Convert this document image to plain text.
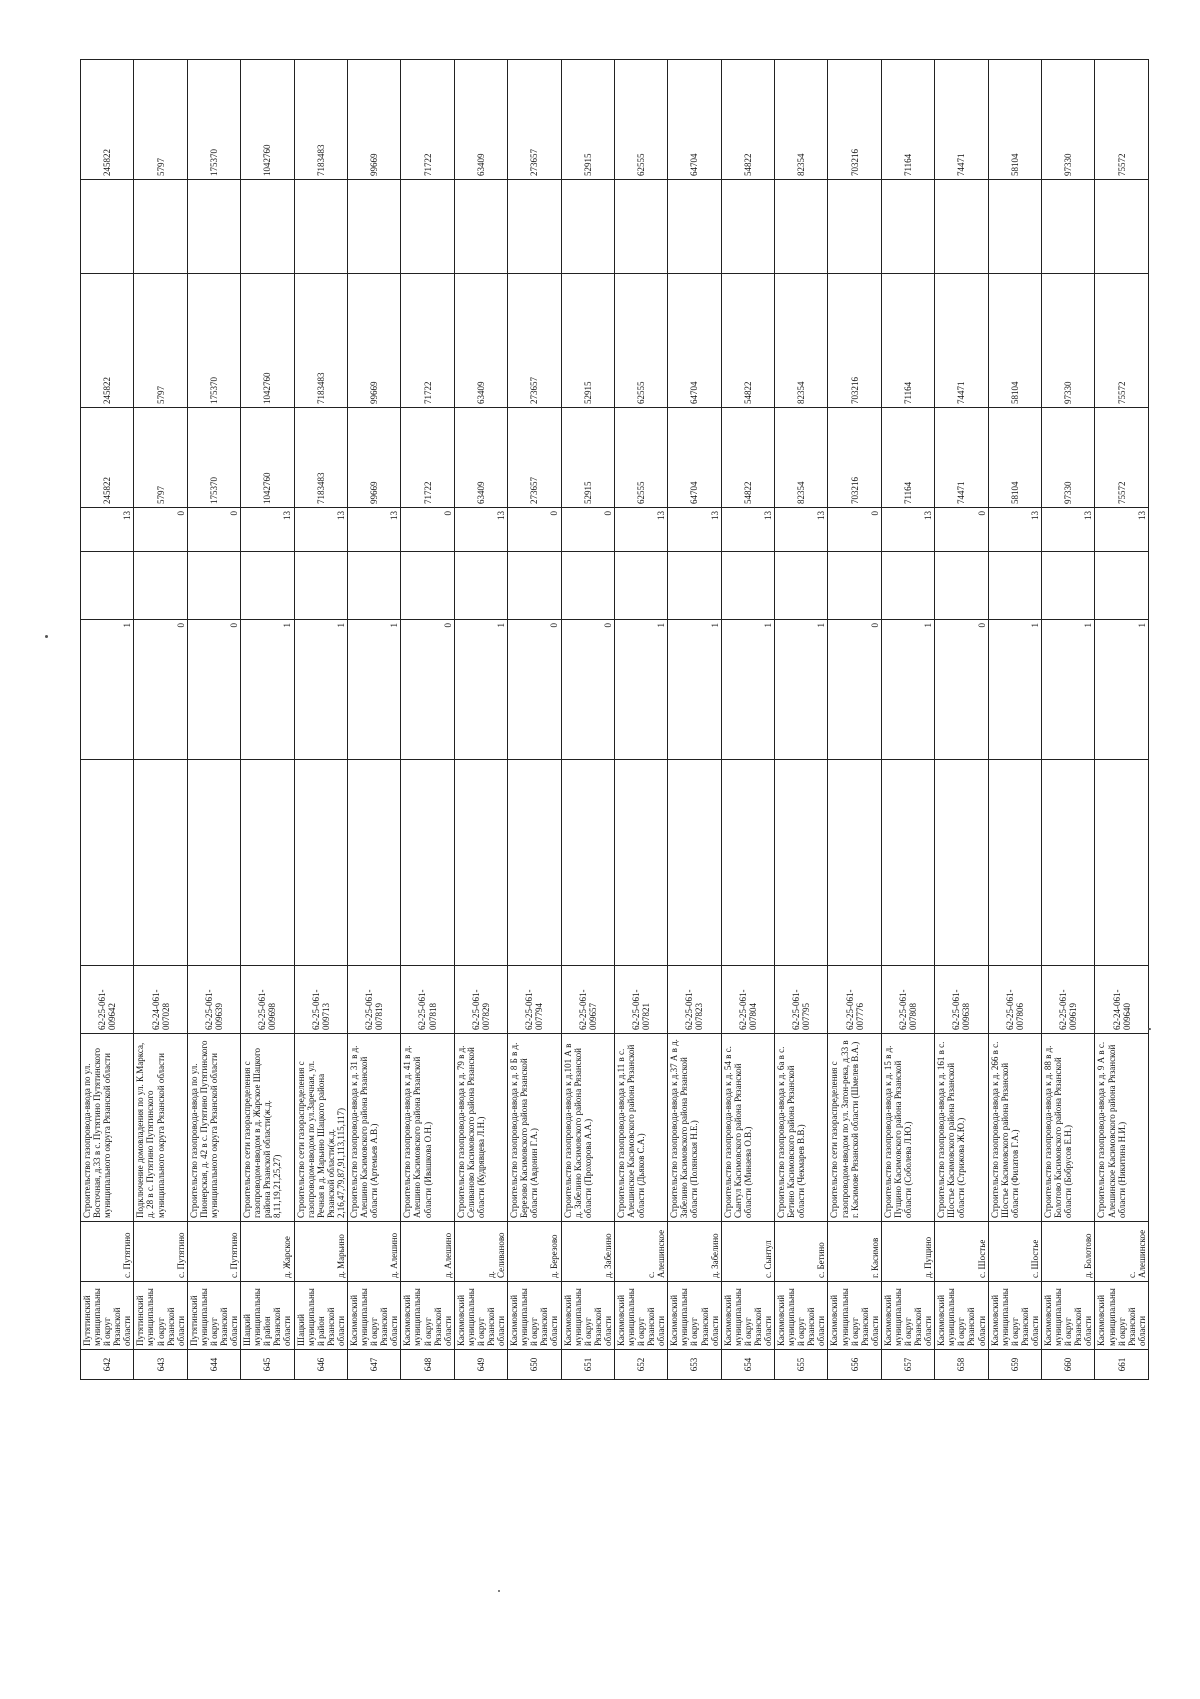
642	Путятинский муниципальный округ Рязанской области	с. Путятино	Строительство газопровода-ввода по ул. Восточная, д.33 в с. Путятино Путятинского муниципального округа Рязанской области	62-25-061-009642		1		13	245822	245822		245822
643	Путятинский муниципальный округ Рязанской области	с. Путятино	Подключение домовладения по ул. К.Маркса, д. 28 в с. Путятино Путятинского муниципального округа Рязанской области	62-24-061-007028		0		0	5797	5797		5797
644	Путятинский муниципальный округ Рязанской области	с. Путятино	Строительство газопровода-ввода по ул. Пионерская, д. 42 в с. Путятино Путятинского муниципального округа Рязанской области	62-25-061-009639		0		0	175370	175370		175370
645	Шацкий муниципальный район Рязанской области	д. Жарское	Строительство сети газораспределения с газопроводом-вводом в д. Жарское Шацкого района Рязанской области(ж.д. 8,11,19,21,25,27)	62-25-061-009698		1		13	1042760	1042760		1042760
646	Шацкий муниципальный район Рязанской области	д. Марьино	Строительство сети газораспределения с газопроводом-вводом по ул.Заречная, ул. Речная в д. Марьино Шацкого района Рязанской области(ж.д. 2,16,47,79,87,91,113,115,117)	62-25-061-009713		1		13	7183483	7183483		7183483
647	Касимовский муниципальный округ Рязанской области	д. Алешино	Строительство газопровода-ввода к д. 31 в д. Алешино Касимовского района Рязанской области (Артемьев А.В.)	62-25-061-007819		1		13	99669	99669		99669
648	Касимовский муниципальный округ Рязанской области	д. Алешино	Строительство газопровода-ввода к д. 41 в д. Алешино Касимовского района Рязанской области (Ивашкова О.Н.)	62-25-061-007818		0		0	71722	71722		71722
649	Касимовский муниципальный округ Рязанской области	д. Селиваново	Строительство газопровода-ввода к д. 79 в д. Селиваново Касимовского района Рязанской области (Кудрявцева Л.Н.)	62-25-061-007829		1		13	63409	63409		63409
650	Касимовский муниципальный округ Рязанской области	д. Березово	Строительство газопровода-ввода к д. 8 Б в д. Березово Касимовского района Рязанской области (Авдонин Г.А.)	62-25-061-007794		0		0	273657	273657		273657
651	Касимовский муниципальный округ Рязанской области	д. Забелино	Строительство газопровода-ввода к д.101 А в д. Забелино Касимовского района Рязанской области (Прохорова А.А.)	62-25-061-009657		0		0	52915	52915		52915
652	Касимовский муниципальный округ Рязанской области	с. Алешинское	Строительство газопровода-ввода к д.11 в с. Алешинское Касимовского района Рязанской области (Дьяков С.А.)	62-25-061-007821		1		13	62555	62555		62555
653	Касимовский муниципальный округ Рязанской области	д. Забелино	Строительство газопровода-ввода к д.37 А в д. Забелино Касимовского района Рязанской области (Полянская Н.Е.)	62-25-061-007823		1		13	64704	64704		64704
654	Касимовский муниципальный округ Рязанской области	с. Сынтул	Строительство газопровода-ввода к д. 54 в с. Сынтул Касимовского района Рязанской области (Минаева О.В.)	62-25-061-007804		1		13	54822	54822		54822
655	Касимовский муниципальный округ Рязанской области	с. Бетино	Строительство газопровода-ввода к д. 6а в с. Бетино Касимовского района Рязанской области (Чекмарев В.В.)	62-25-061-007795		1		13	82354	82354		82354
656	Касимовский муниципальный округ Рязанской области	г. Касимов	Строительство сети газораспределения с газопроводом-вводом по ул. Затон-река, д.33 в г. Касимове Рязанской области (Шмелев В.А.)	62-25-061-007776		0		0	703216	703216		703216
657	Касимовский муниципальный округ Рязанской области	д. Пущино	Строительство газопровода-ввода к д. 15 в д. Пущино Касимовского района Рязанской области (Соболева Л.Ю.)	62-25-061-007808		1		13	71164	71164		71164
658	Касимовский муниципальный округ Рязанской области	с. Шостье	Строительство газопровода-ввода к д. 161 в с. Шостье Касимовского района Рязанской области (Стрижова Ж.Ю.)	62-25-061-009638		0		0	74471	74471		74471
659	Касимовский муниципальный округ Рязанской области	с. Шостье	Строительство газопровода-ввода к д. 266 в с. Шостье Касимовского района Рязанской области (Филатов Г.А.)	62-25-061-007806		1		13	58104	58104		58104
660	Касимовский муниципальный округ Рязанской области	д. Болотово	Строительство газопровода-ввода к д. 88 в д. Болотово Касимовского района Рязанской области (Бобрусов Е.Н.)	62-25-061-009619		1		13	97330	97330		97330
661	Касимовский муниципальный округ Рязанской области	с. Алешинское	Строительство газопровода-ввода к д. 9 А в с. Алешинское Касимовского района Рязанской области (Никитина Н.И.)	62-24-061-009640		1		13	75572	75572		75572
